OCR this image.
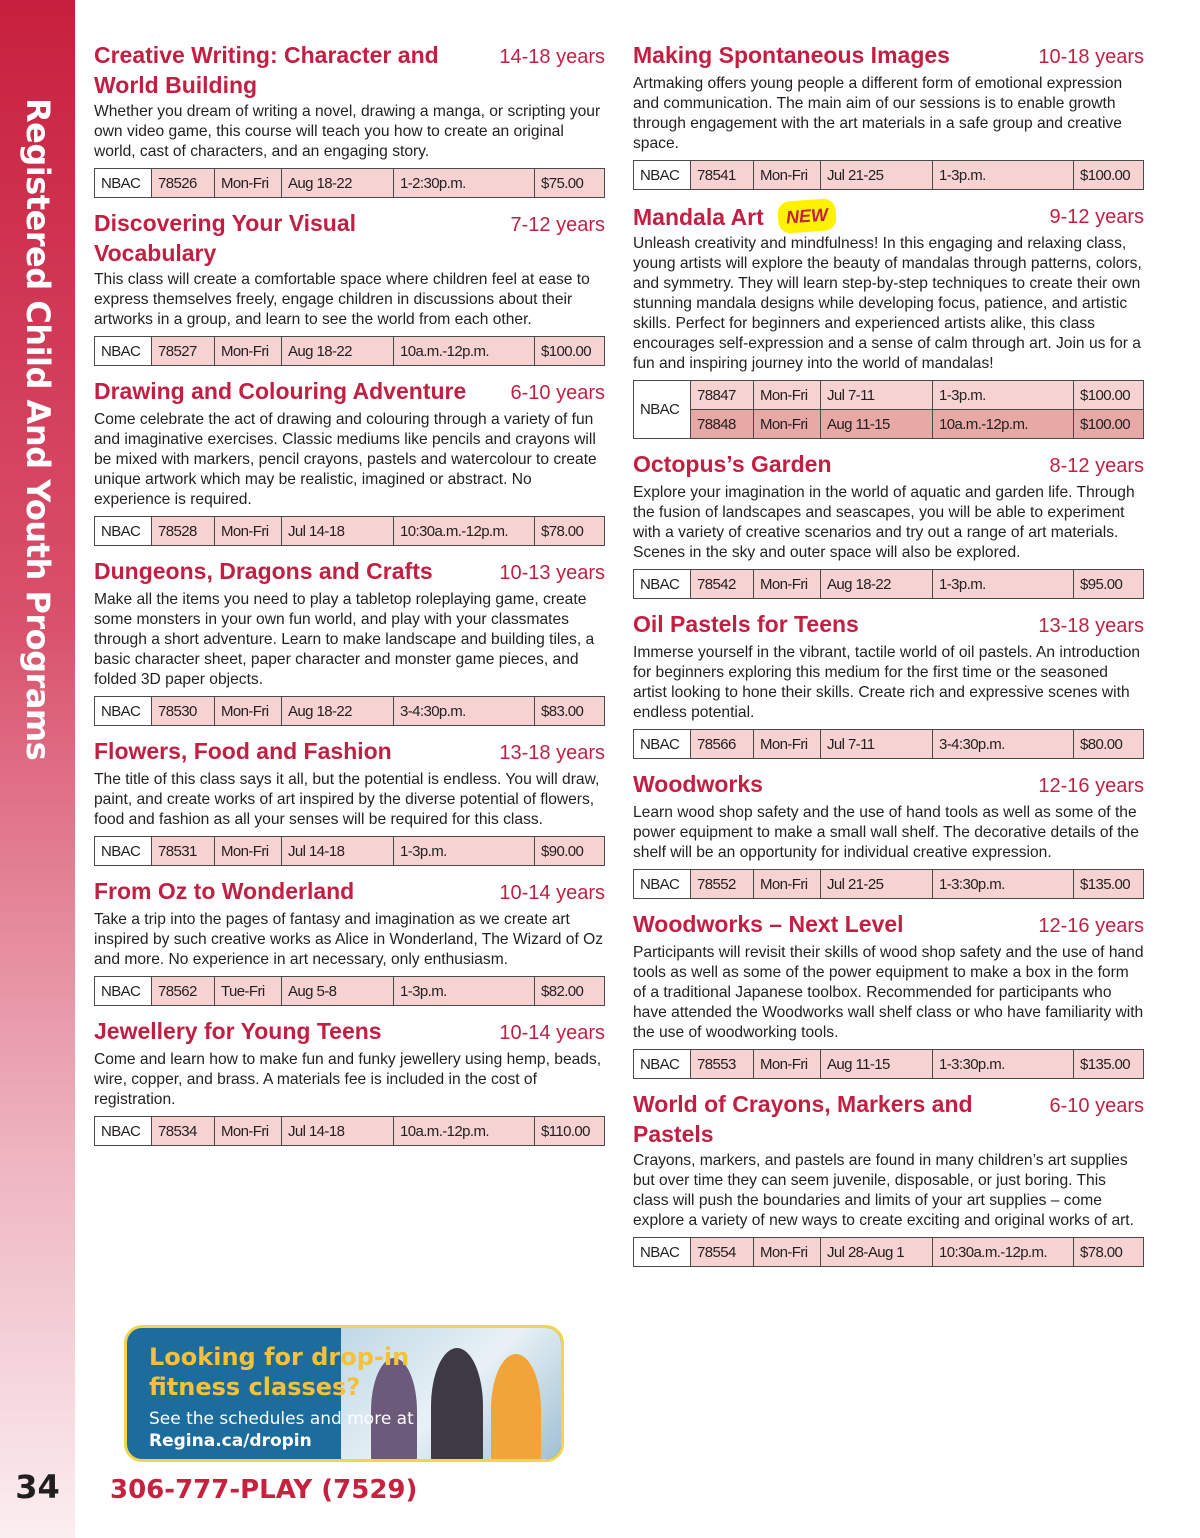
Registered Child And Youth Programs
34	306-777-PLAY (7529)
Creative Writing: Character and World Building
14-18 years
Whether you dream of writing a novel, drawing a manga, or scripting your own video game, this course will teach you how to create an original world, cast of characters, and an engaging story.
NBAC	78526	Mon-Fri	Aug 18-22	1-2:30p.m.	$75.00
Discovering Your Visual Vocabulary
7-12 years
This class will create a comfortable space where children feel at ease to express themselves freely, engage children in discussions about their artworks in a group, and learn to see the world from each other.
NBAC	78527	Mon-Fri	Aug 18-22	10a.m.-12p.m.	$100.00
Drawing and Colouring Adventure 6-10 years
Come celebrate the act of drawing and colouring through a variety of fun and imaginative exercises. Classic mediums like pencils and crayons will be mixed with markers, pencil crayons, pastels and watercolour to create unique artwork which may be realistic, imagined or abstract. No experience is required.
NBAC	78528	Mon-Fri	Jul 14-18	10:30a.m.-12p.m.	$78.00
Dungeons, Dragons and Crafts	10-13 years
Make all the items you need to play a tabletop roleplaying game, create some monsters in your own fun world, and play with your classmates through a short adventure. Learn to make landscape and building tiles, a basic character sheet, paper character and monster game pieces, and folded 3D paper objects.
NBAC	78530	Mon-Fri	Aug 18-22	3-4:30p.m.	$83.00
Flowers, Food and Fashion	13-18 years
The title of this class says it all, but the potential is endless. You will draw, paint, and create works of art inspired by the diverse potential of flowers, food and fashion as all your senses will be required for this class.
NBAC	78531	Mon-Fri	Jul 14-18	1-3p.m.	$90.00
From Oz to Wonderland	10-14 years
Take a trip into the pages of fantasy and imagination as we create art inspired by such creative works as Alice in Wonderland, The Wizard of Oz and more. No experience in art necessary, only enthusiasm.
NBAC	78562	Tue-Fri	Aug 5-8	1-3p.m.	$82.00
Jewellery for Young Teens	10-14 years
Come and learn how to make fun and funky jewellery using hemp, beads, wire, copper, and brass. A materials fee is included in the cost of registration.
NBAC	78534	Mon-Fri	Jul 14-18	10a.m.-12p.m.	$110.00
Making Spontaneous Images	10-18 years
Artmaking offers young people a different form of emotional expression and communication. The main aim of our sessions is to enable growth through engagement with the art materials in a safe group and creative space.
NBAC	78541	Mon-Fri	Jul 21-25	1-3p.m.	$100.00
Mandala Art NEW	9-12 years
Unleash creativity and mindfulness! In this engaging and relaxing class, young artists will explore the beauty of mandalas through patterns, colors, and symmetry. They will learn step-by-step techniques to create their own stunning mandala designs while developing focus, patience, and artistic skills. Perfect for beginners and experienced artists alike, this class encourages self-expression and a sense of calm through art. Join us for a fun and inspiring journey into the world of mandalas!
NBAC	78847	Mon-Fri	Jul 7-11	1-3p.m.	$100.00
	78848	Mon-Fri	Aug 11-15	10a.m.-12p.m.	$100.00
Octopus’s Garden	8-12 years
Explore your imagination in the world of aquatic and garden life. Through the fusion of landscapes and seascapes, you will be able to experiment with a variety of creative scenarios and try out a range of art materials. Scenes in the sky and outer space will also be explored.
NBAC	78542	Mon-Fri	Aug 18-22	1-3p.m.	$95.00
Oil Pastels for Teens	13-18 years
Immerse yourself in the vibrant, tactile world of oil pastels. An introduction for beginners exploring this medium for the first time or the seasoned artist looking to hone their skills. Create rich and expressive scenes with endless potential.
NBAC	78566	Mon-Fri	Jul 7-11	3-4:30p.m.	$80.00
Woodworks	12-16 years
Learn wood shop safety and the use of hand tools as well as some of the power equipment to make a small wall shelf. The decorative details of the shelf will be an opportunity for individual creative expression.
NBAC	78552	Mon-Fri	Jul 21-25	1-3:30p.m.	$135.00
Woodworks – Next Level	12-16 years
Participants will revisit their skills of wood shop safety and the use of hand tools as well as some of the power equipment to make a box in the form of a traditional Japanese toolbox. Recommended for participants who have attended the Woodworks wall shelf class or who have familiarity with the use of woodworking tools.
NBAC	78553	Mon-Fri	Aug 11-15	1-3:30p.m.	$135.00
World of Crayons, Markers and Pastels
6-10 years
Crayons, markers, and pastels are found in many children’s art supplies but over time they can seem juvenile, disposable, or just boring. This class will push the boundaries and limits of your art supplies – come explore a variety of new ways to create exciting and original works of art.
NBAC	78554	Mon-Fri	Jul 28-Aug 1	10:30a.m.-12p.m.	$78.00
Looking for drop-in fitness classes?
See the schedules and more at Regina.ca/dropin
